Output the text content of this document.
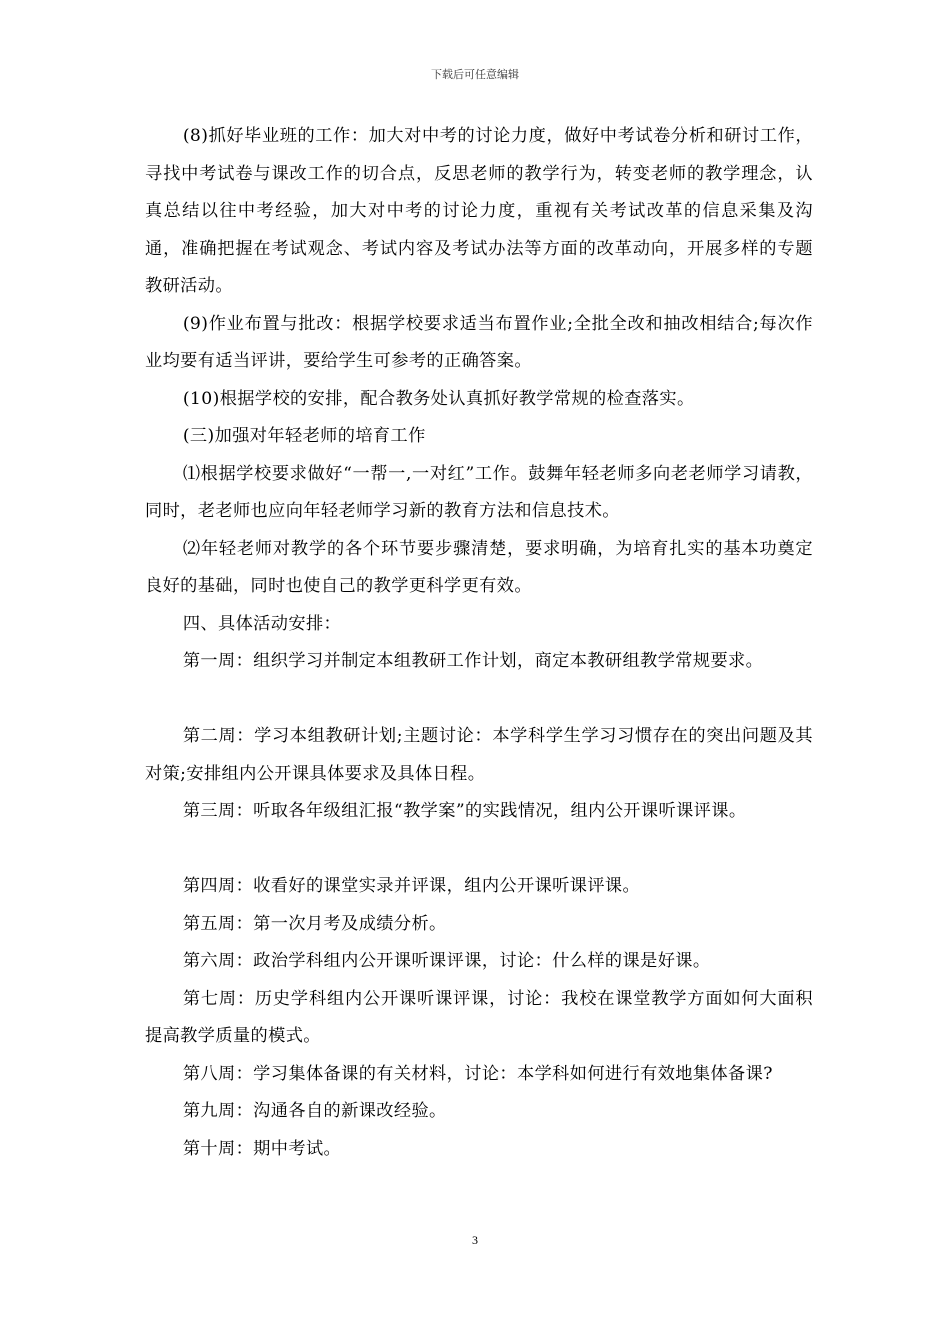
下载后可任意编辑

(8)抓好毕业班的工作：加大对中考的讨论力度，做好中考试卷分析和研讨工作，寻找中考试卷与课改工作的切合点，反思老师的教学行为，转变老师的教学理念，认真总结以往中考经验，加大对中考的讨论力度，重视有关考试改革的信息采集及沟通，准确把握在考试观念、考试内容及考试办法等方面的改革动向，开展多样的专题教研活动。

(9)作业布置与批改：根据学校要求适当布置作业;全批全改和抽改相结合;每次作业均要有适当评讲，要给学生可参考的正确答案。

(10)根据学校的安排，配合教务处认真抓好教学常规的检查落实。

(三)加强对年轻老师的培育工作

⑴根据学校要求做好“一帮一,一对红”工作。鼓舞年轻老师多向老老师学习请教，同时，老老师也应向年轻老师学习新的教育方法和信息技术。

⑵年轻老师对教学的各个环节要步骤清楚，要求明确，为培育扎实的基本功奠定良好的基础，同时也使自己的教学更科学更有效。

四、具体活动安排：

第一周：组织学习并制定本组教研工作计划，商定本教研组教学常规要求。

第二周：学习本组教研计划;主题讨论：本学科学生学习习惯存在的突出问题及其对策;安排组内公开课具体要求及具体日程。

第三周：听取各年级组汇报“教学案”的实践情况，组内公开课听课评课。

第四周：收看好的课堂实录并评课，组内公开课听课评课。

第五周：第一次月考及成绩分析。

第六周：政治学科组内公开课听课评课，讨论：什么样的课是好课。

第七周：历史学科组内公开课听课评课，讨论：我校在课堂教学方面如何大面积提高教学质量的模式。

第八周：学习集体备课的有关材料，讨论：本学科如何进行有效地集体备课?

第九周：沟通各自的新课改经验。

第十周：期中考试。

3
